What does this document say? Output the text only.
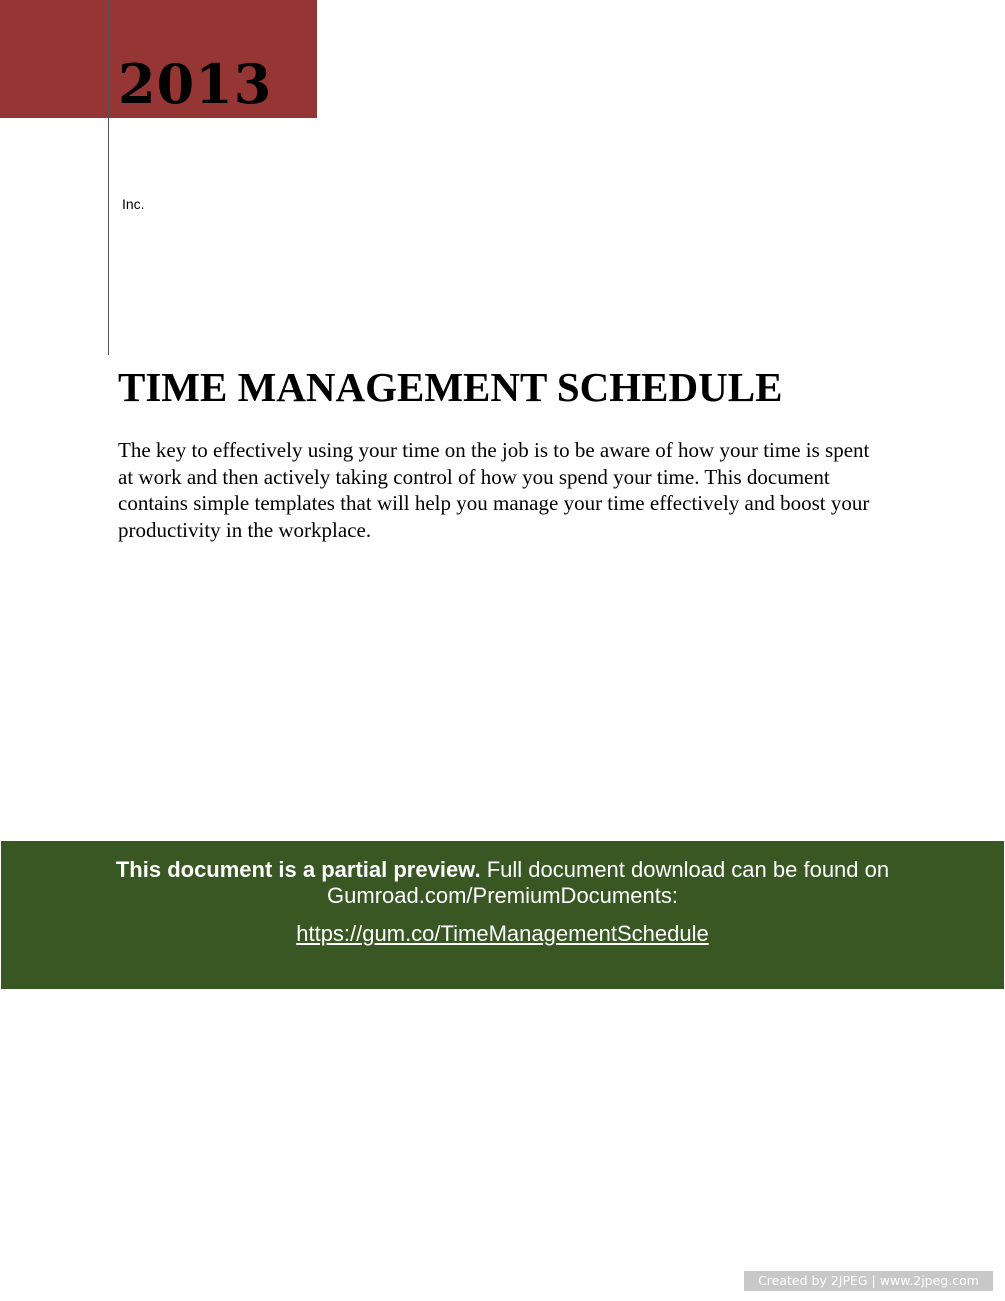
2013
Inc.
TIME MANAGEMENT SCHEDULE

The key to effectively using your time on the job is to be aware of how your time is spent at work and then actively taking control of how you spend your time. This document contains simple templates that will help you manage your time effectively and boost your productivity in the workplace.

This document is a partial preview. Full document download can be found on
Gumroad.com/PremiumDocuments:
https://gum.co/TimeManagementSchedule
Created by 2JPEG | www.2jpeg.com
